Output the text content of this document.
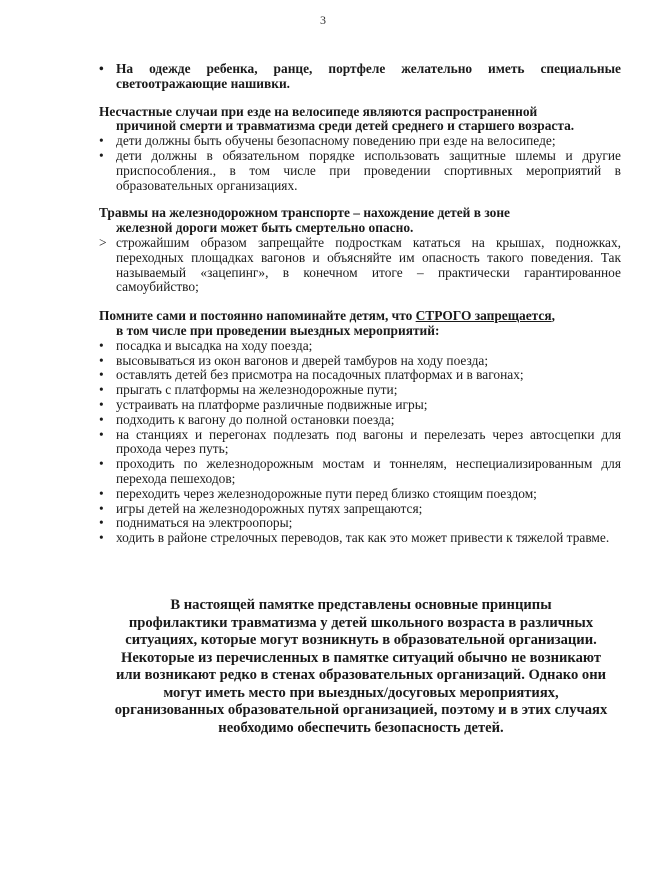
3
• На одежде ребенка, ранце, портфеле желательно иметь специальные светоотражающие нашивки.
Несчастные случаи при езде на велосипеде являются распространенной
причиной смерти и травматизма среди детей среднего и старшего возраста.
• дети должны быть обучены безопасному поведению при езде на велосипеде;
• дети должны в обязательном порядке использовать защитные шлемы и другие приспособления., в том числе при проведении спортивных мероприятий в образовательных организациях.
Травмы на железнодорожном транспорте – нахождение детей в зоне
железной дороги может быть смертельно опасно.
> строжайшим образом запрещайте подросткам кататься на крышах, подножках, переходных площадках вагонов и объясняйте им опасность такого поведения. Так называемый «зацепинг», в конечном итоге – практически гарантированное самоубийство;
Помните сами и постоянно напоминайте детям, что СТРОГО запрещается,
в том числе при проведении выездных мероприятий:
• посадка и высадка на ходу поезда;
• высовываться из окон вагонов и дверей тамбуров на ходу поезда;
• оставлять детей без присмотра на посадочных платформах и в вагонах;
• прыгать с платформы на железнодорожные пути;
• устраивать на платформе различные подвижные игры;
• подходить к вагону до полной остановки поезда;
• на станциях и перегонах подлезать под вагоны и перелезать через автосцепки для прохода через путь;
• проходить по железнодорожным мостам и тоннелям, неспециализированным для перехода пешеходов;
• переходить через железнодорожные пути перед близко стоящим поездом;
• игры детей на железнодорожных путях запрещаются;
• подниматься на электроопоры;
• ходить в районе стрелочных переводов, так как это может привести к тяжелой травме.
В настоящей памятке представлены основные принципы
профилактики травматизма у детей школьного возраста в различных
ситуациях, которые могут возникнуть в образовательной организации.
Некоторые из перечисленных в памятке ситуаций обычно не возникают
или возникают редко в стенах образовательных организаций. Однако они
могут иметь место при выездных/досуговых мероприятиях,
организованных образовательной организацией, поэтому и в этих случаях
необходимо обеспечить безопасность детей.
